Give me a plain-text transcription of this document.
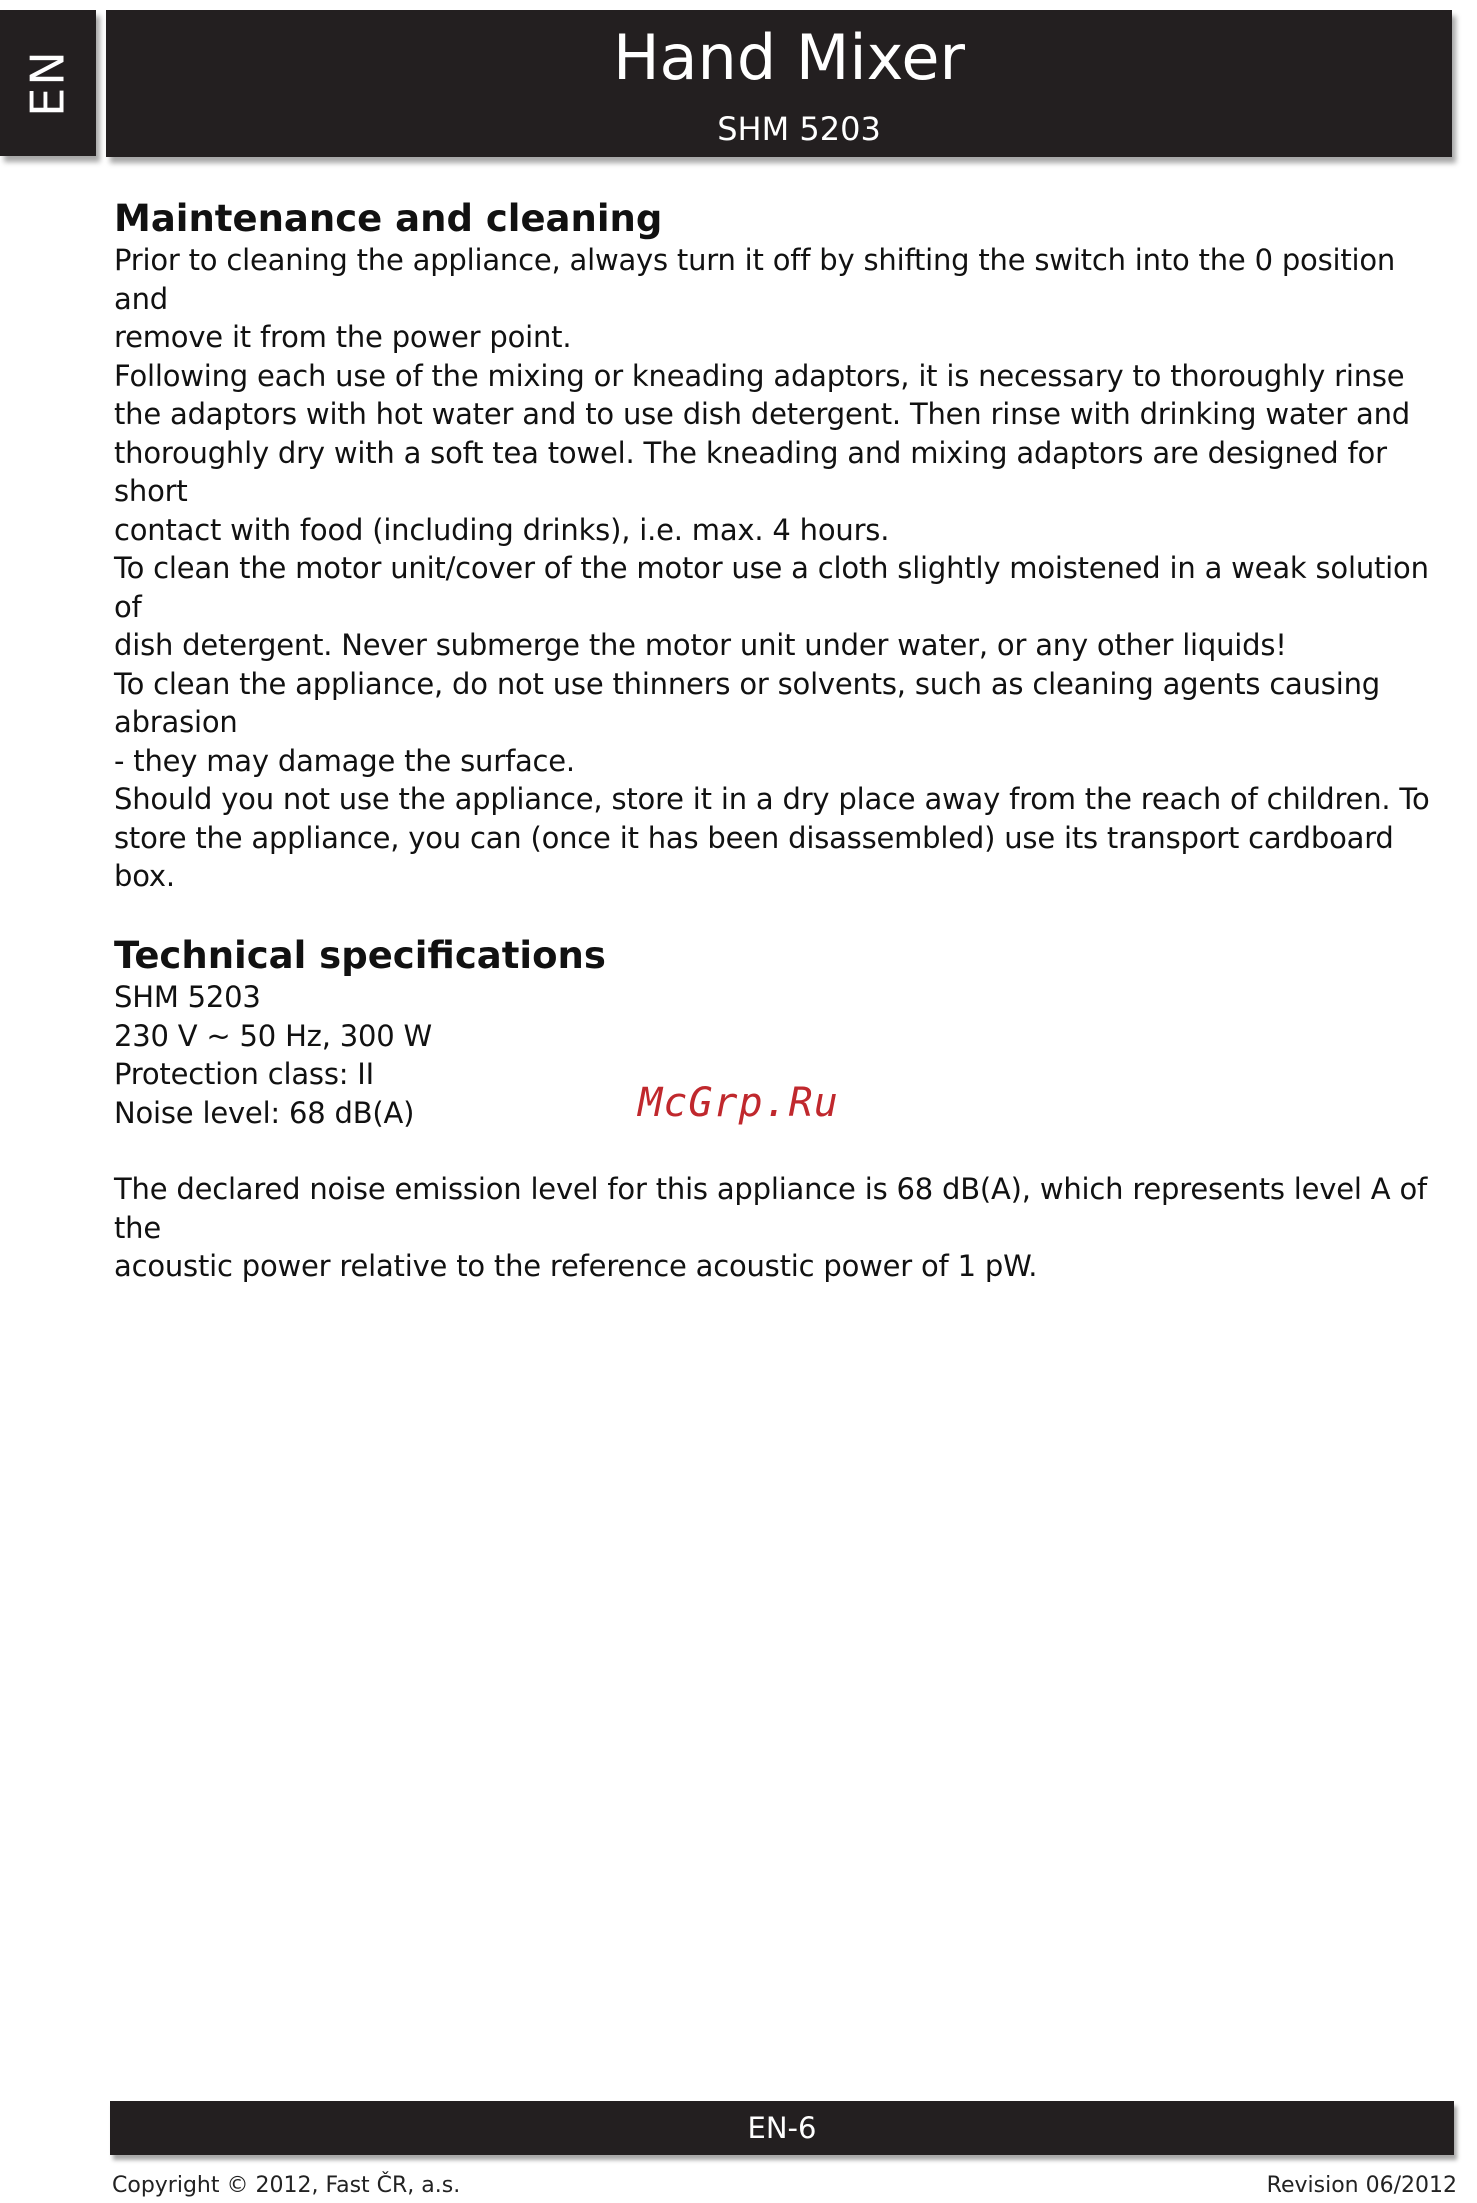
EN	Hand Mixer
SHM 5203
Maintenance and cleaning

Prior to cleaning the appliance, always turn it off by shifting the switch into the 0 position and

remove it from the power point.

Following each use of the mixing or kneading adaptors, it is necessary to thoroughly rinse

the adaptors with hot water and to use dish detergent. Then rinse with drinking water and

thoroughly dry with a soft tea towel. The kneading and mixing adaptors are designed for short

contact with food (including drinks), i.e. max. 4 hours.

To clean the motor unit/cover of the motor use a cloth slightly moistened in a weak solution of

dish detergent. Never submerge the motor unit under water, or any other liquids!

To clean the appliance, do not use thinners or solvents, such as cleaning agents causing abrasion

- they may damage the surface.

Should you not use the appliance, store it in a dry place away from the reach of children. To

store the appliance, you can (once it has been disassembled) use its transport cardboard box.

Technical specifications

SHM 5203

230 V ~ 50 Hz, 300 W

Protection class: II

Noise level: 68 dB(A)

The declared noise emission level for this appliance is 68 dB(A), which represents level A of the

acoustic power relative to the reference acoustic power of 1 pW.

McGrp.Ru
EN-6
Copyright © 2012, Fast ČR, a.s.	Revision 06/2012
